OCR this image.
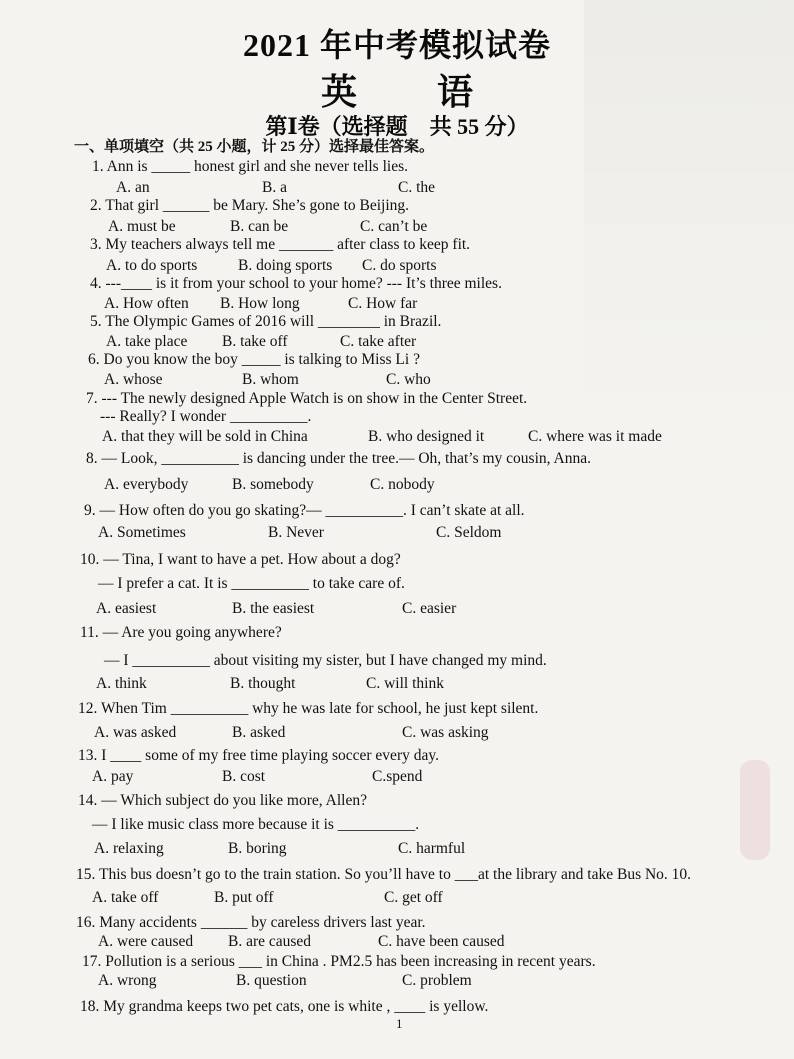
2021 年中考模拟试卷
英　语
第Ⅰ卷（选择题　共 55 分）
一、单项填空（共 25 小题，计 25 分）选择最佳答案。
1. Ann is _____ honest girl and she never tells lies.
A. an	B. a	C. the
2. That girl ______ be Mary. She’s gone to Beijing.
A. must be	B. can be	C. can’t be
3. My teachers always tell me _______ after class to keep fit.
A. to do sports	B. doing sports C. do sports
4. ---____ is it from your school to your home? --- It’s three miles.
A. How often B. How long	C. How far
5. The Olympic Games of 2016 will ________ in Brazil.
A. take place B. take off	C. take after
6. Do you know the boy _____ is talking to Miss Li ?
A. whose	B. whom	C. who
7. --- The newly designed Apple Watch is on show in the Center Street.
--- Really? I wonder __________.
A. that they will be sold in China	B. who designed it	C. where was it made
8. — Look, __________ is dancing under the tree.— Oh, that’s my cousin, Anna.
A. everybody	B. somebody	C. nobody
9. — How often do you go skating?— __________. I can’t skate at all.
A. Sometimes	B. Never	C. Seldom
10. — Tina, I want to have a pet. How about a dog?
— I prefer a cat. It is __________ to take care of.
A. easiest	B. the easiest	C. easier
11. — Are you going anywhere?
— I __________ about visiting my sister, but I have changed my mind.
A. think	B. thought	C. will think
12. When Tim __________ why he was late for school, he just kept silent.
A. was asked	B. asked	C. was asking
13. I ____ some of my free time playing soccer every day.
A. pay	B. cost	C.spend
14. — Which subject do you like more, Allen?
— I like music class more because it is __________.
A. relaxing	B. boring	C. harmful
15. This bus doesn’t go to the train station. So you’ll have to ___at the library and take Bus No. 10.
A. take off	B. put off	C. get off
16. Many accidents ______ by careless drivers last year.
A. were caused B. are caused	C. have been caused
17. Pollution is a serious ___ in China . PM2.5 has been increasing in recent years.
A. wrong	B. question	C. problem
18. My grandma keeps two pet cats, one is white , ____ is yellow.
1
